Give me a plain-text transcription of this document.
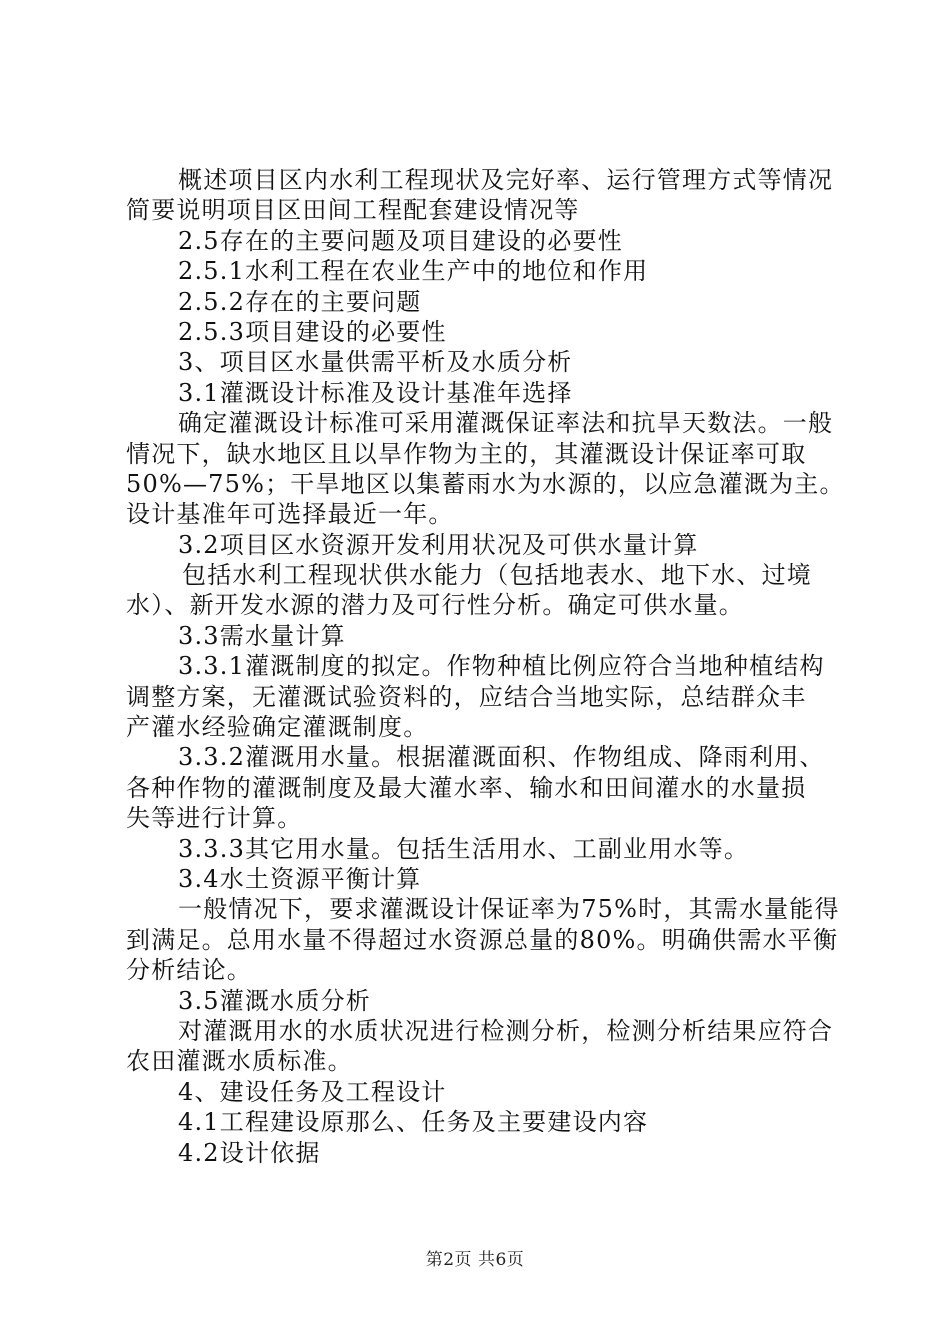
概述项目区内水利工程现状及完好率、运行管理方式等情况
简要说明项目区田间工程配套建设情况等
2.5存在的主要问题及项目建设的必要性
2.5.1水利工程在农业生产中的地位和作用
2.5.2存在的主要问题
2.5.3项目建设的必要性
3、项目区水量供需平析及水质分析
3.1灌溉设计标准及设计基准年选择
确定灌溉设计标准可采用灌溉保证率法和抗旱天数法。一般
情况下，缺水地区且以旱作物为主的，其灌溉设计保证率可取
50%—75%；干旱地区以集蓄雨水为水源的，以应急灌溉为主。
设计基准年可选择最近一年。
3.2项目区水资源开发利用状况及可供水量计算
包括水利工程现状供水能力（包括地表水、地下水、过境
水）、新开发水源的潜力及可行性分析。确定可供水量。
3.3需水量计算
3.3.1灌溉制度的拟定。作物种植比例应符合当地种植结构
调整方案，无灌溉试验资料的，应结合当地实际，总结群众丰
产灌水经验确定灌溉制度。
3.3.2灌溉用水量。根据灌溉面积、作物组成、降雨利用、
各种作物的灌溉制度及最大灌水率、输水和田间灌水的水量损
失等进行计算。
3.3.3其它用水量。包括生活用水、工副业用水等。
3.4水土资源平衡计算
一般情况下，要求灌溉设计保证率为75%时，其需水量能得
到满足。总用水量不得超过水资源总量的80%。明确供需水平衡
分析结论。
3.5灌溉水质分析
对灌溉用水的水质状况进行检测分析，检测分析结果应符合
农田灌溉水质标准。
4、建设任务及工程设计
4.1工程建设原那么、任务及主要建设内容
4.2设计依据
第2页 共6页
